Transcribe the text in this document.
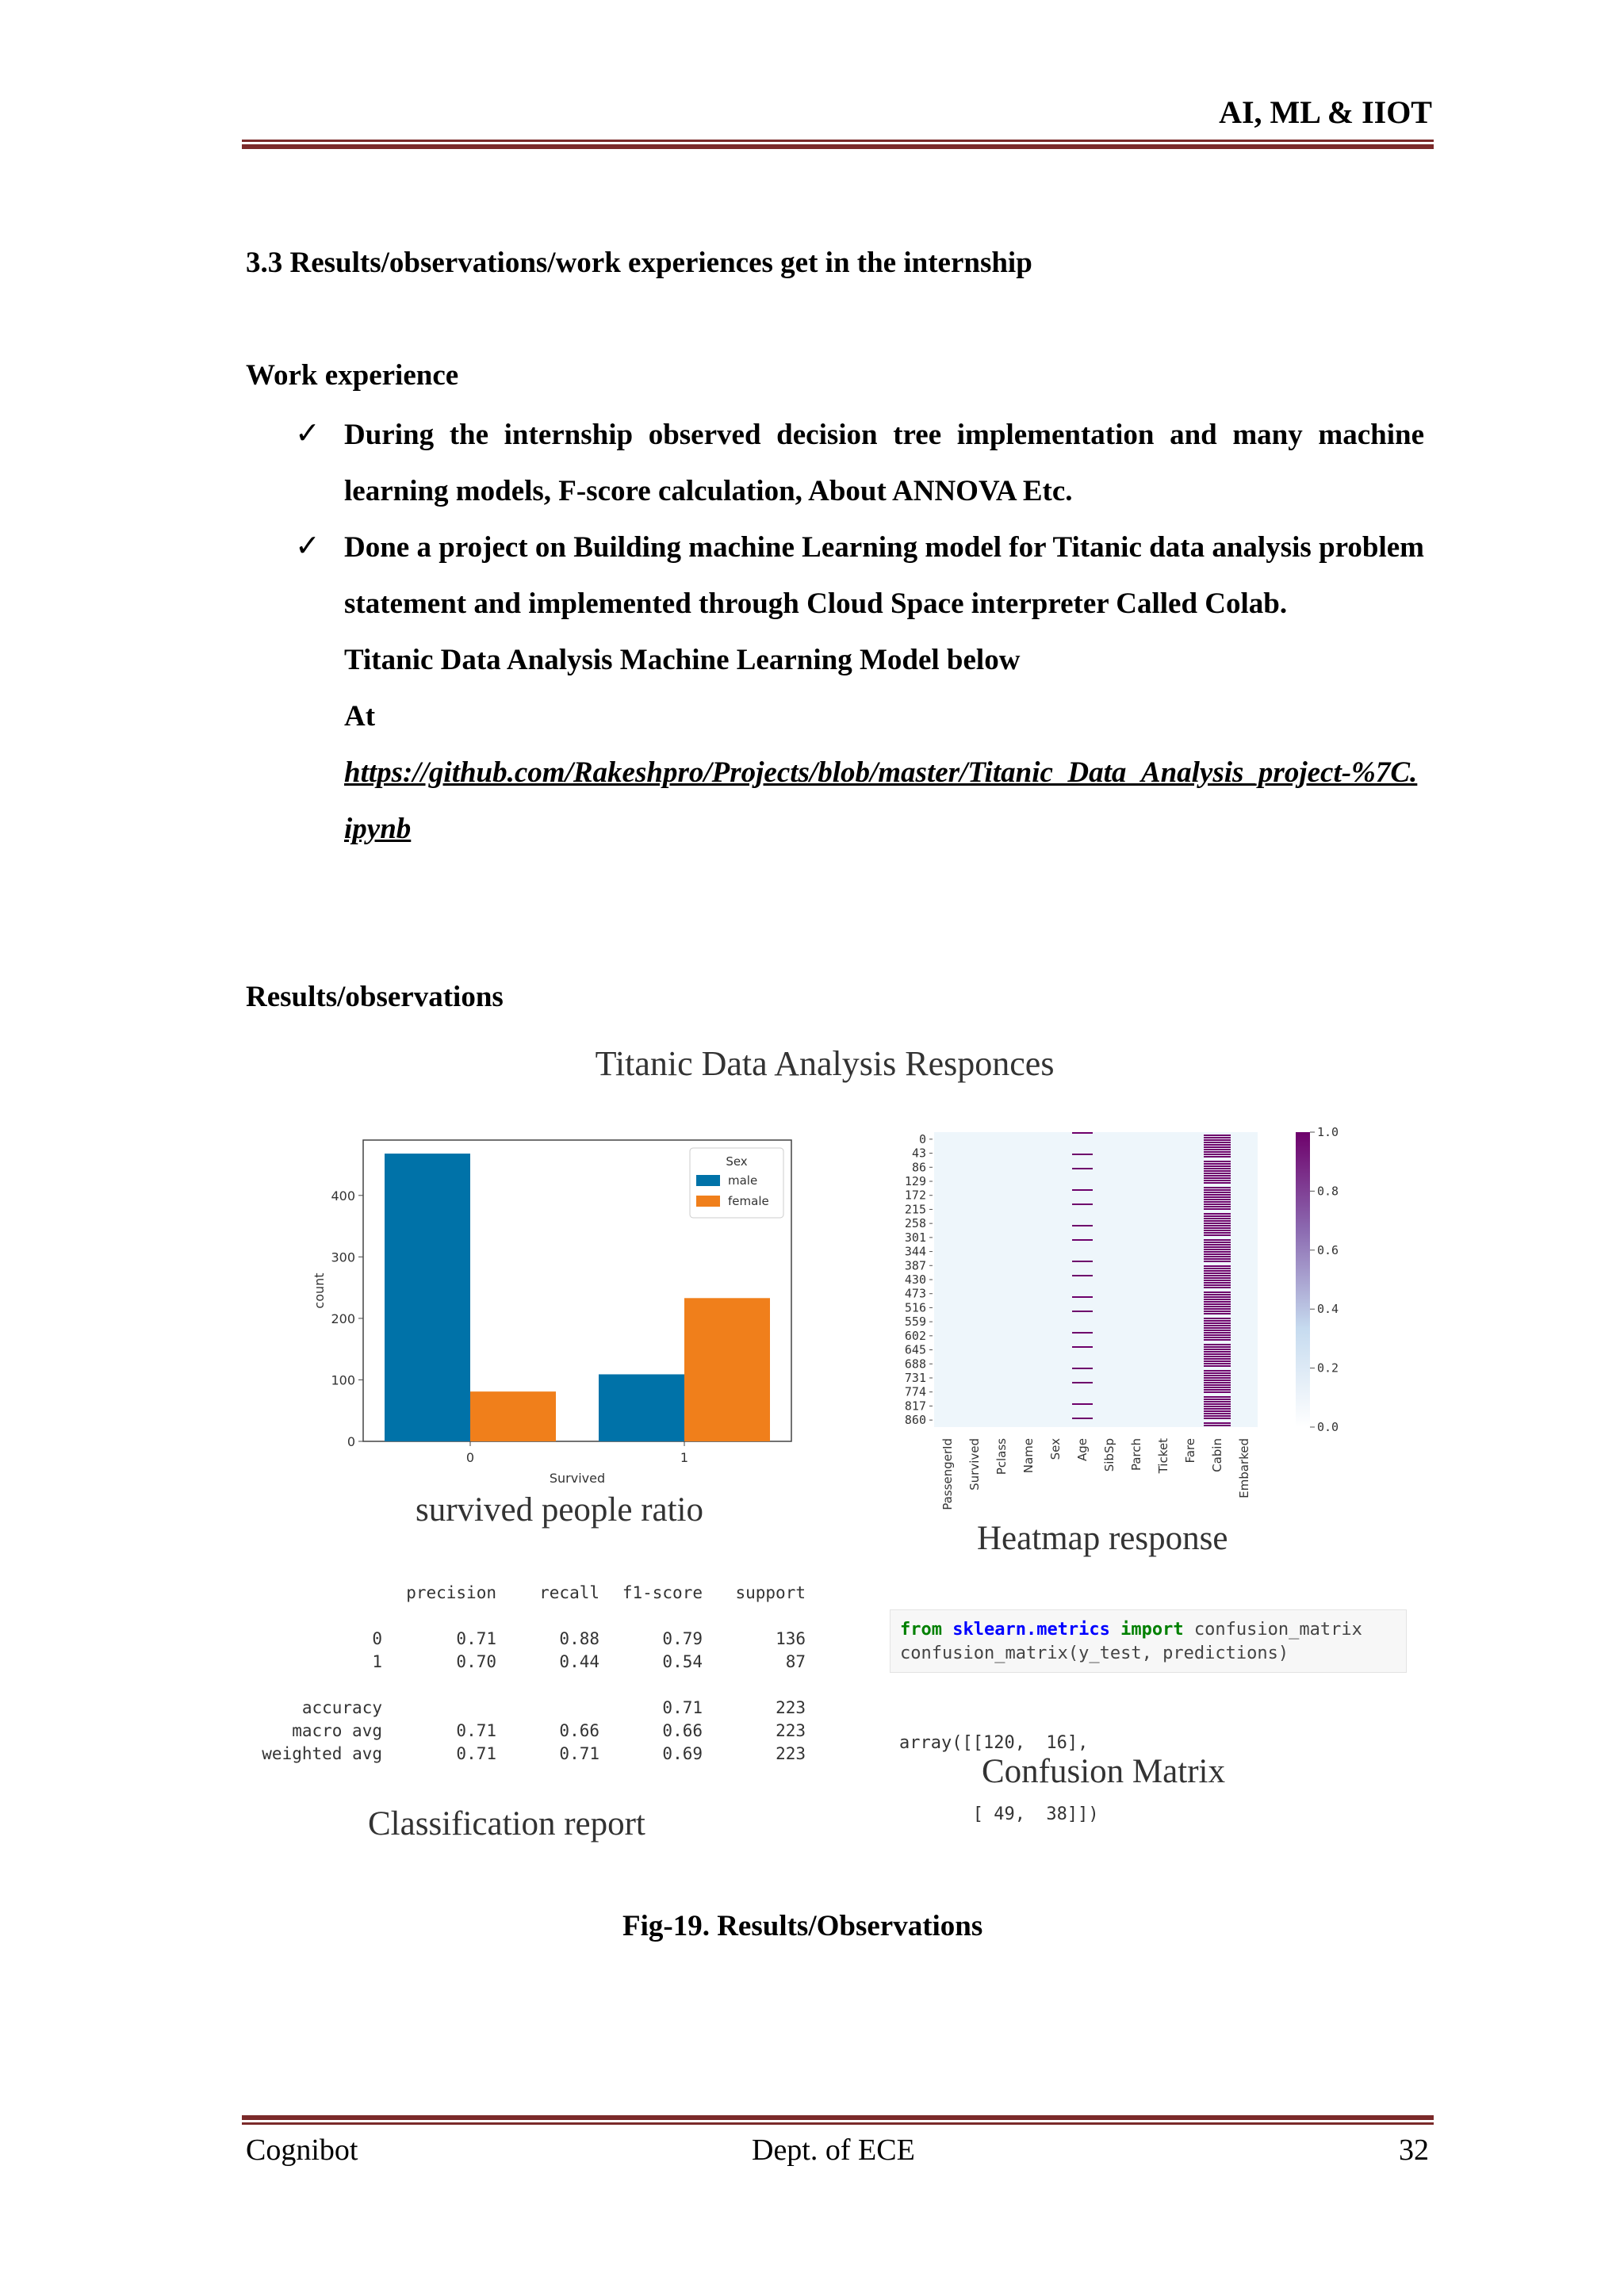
AI, ML & IIOT
3.3 Results/observations/work experiences get in the internship
Work experience
✓ During the internship observed decision tree implementation and many machine learning models, F-score calculation, About ANNOVA Etc.

✓ Done a project on Building machine Learning model for Titanic data analysis problem statement and implemented through Cloud Space interpreter Called Colab.

Titanic Data Analysis Machine Learning Model below

At

https://github.com/Rakeshpro/Projects/blob/master/Titanic_Data_Analysis_project-%7C.ipynb

Results/observations
Titanic Data Analysis Responces
0
100
200
300
400
count
0	1
Survived
Sex
male
female
survived people ratio
0
43
86
129
172
215
258
301
344
387
430
473
516
559
602
645
688
731
774
817
860
PassengerId Survived Pclass Name Sex Age SibSp Parch Ticket Fare Cabin Embarked
0.0
0.2
0.4
0.6
0.8
1.0
Heatmap response
	precision	recall	f1-score	support

0	0.71	0.88	0.79	136
1	0.70	0.44	0.54	87

accuracy			0.71	223
macro avg	0.71	0.66	0.66	223
weighted avg	0.71	0.71	0.69	223
Classification report
from sklearn.metrics import confusion_matrix
confusion_matrix(y_test, predictions)

array([[120,  16],

[ 49,  38]])

Confusion Matrix
Fig-19. Results/Observations
Cognibot	Dept. of ECE	32
